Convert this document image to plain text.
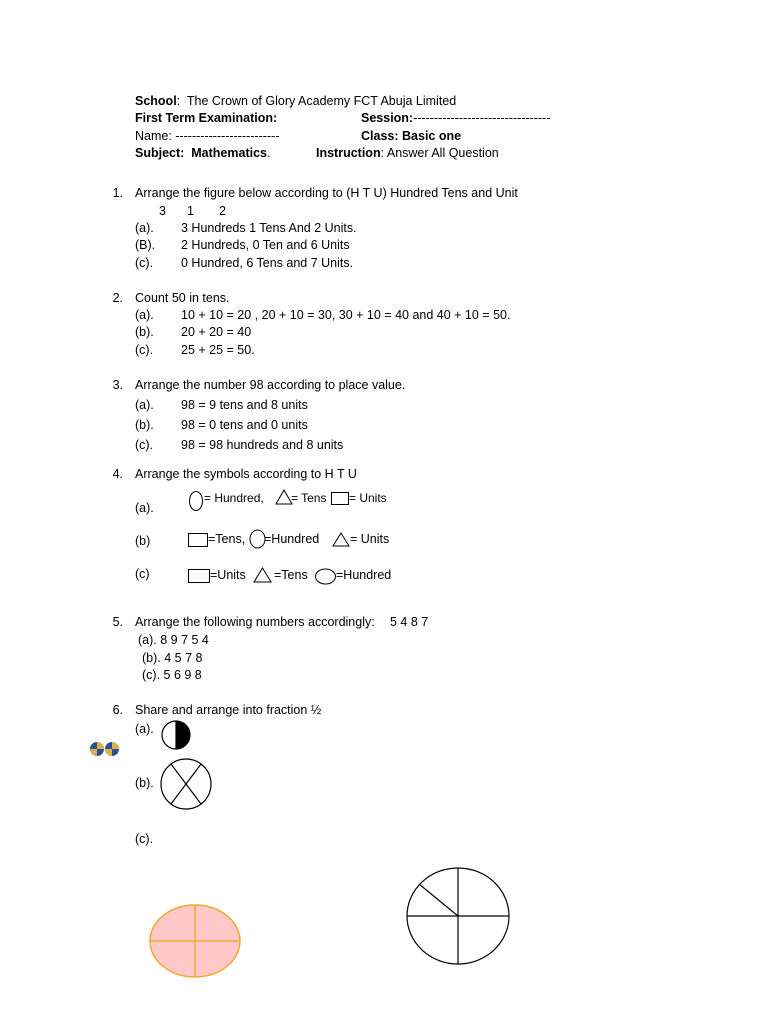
School:  The Crown of Glory Academy FCT Abuja Limited
First Term Examination:	Session:---------------------------------
Name: -------------------------	Class: Basic one
Subject: Mathematics.	Instruction: Answer All Question
1. Arrange the figure below according to (H T U) Hundred Tens and Unit
3 1 2
(a). 3 Hundreds 1 Tens And 2 Units.
(B). 2 Hundreds, 0 Ten and 6 Units
(c). 0 Hundred, 6 Tens and 7 Units.
2. Count 50 in tens.
(a). 10 + 10 = 20 , 20 + 10 = 30, 30 + 10 = 40 and 40 + 10 = 50.
(b). 20 + 20 = 40
(c). 25 + 25 = 50.
3. Arrange the number 98 according to place value.
(a). 98 = 9 tens and 8 units
(b). 98 = 0 tens and 0 units
(c). 98 = 98 hundreds and 8 units
4. Arrange the symbols according to H T U
(a).
= Hundred, = Tens = Units
(b)	=Tens, =Hundred = Units
(c)	=Units =Tens =Hundred
5. Arrange the following numbers accordingly: 5 4 8 7
(a). 8 9 7 5 4
(b). 4 5 7 8
(c). 5 6 9 8
6. Share and arrange into fraction ½
(a).
(b).
(c).
